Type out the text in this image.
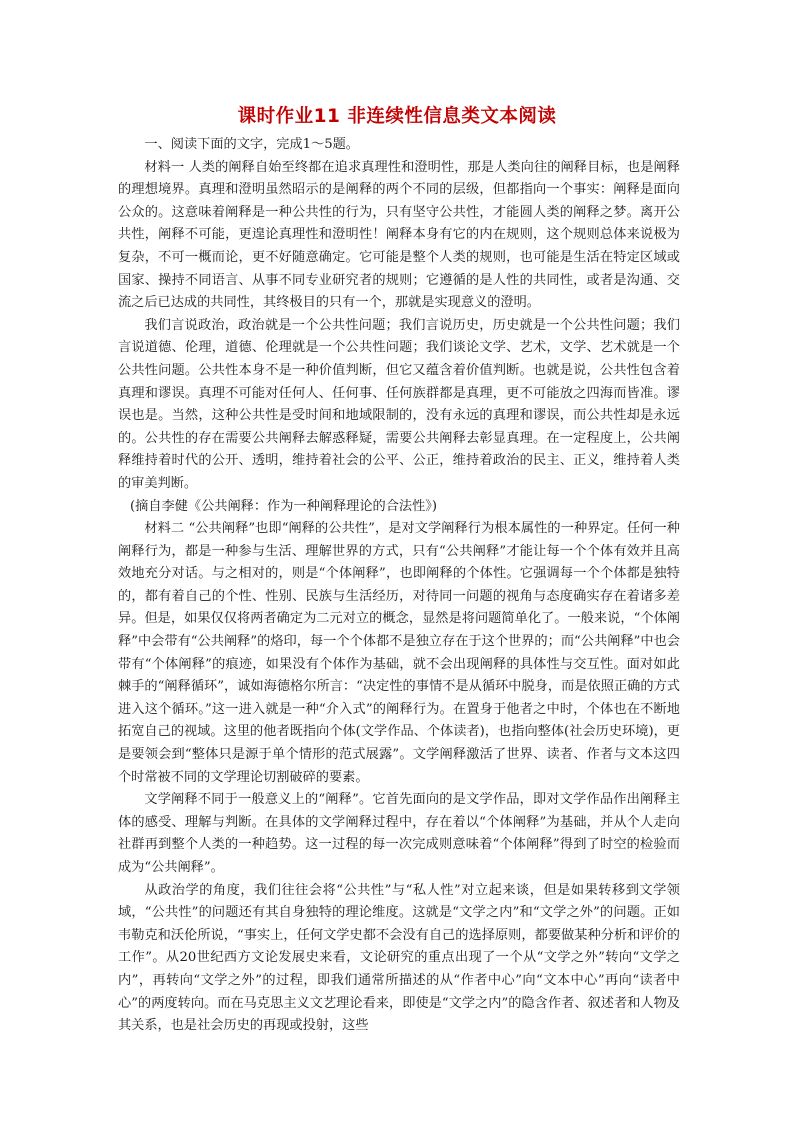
课时作业11 非连续性信息类文本阅读

一、阅读下面的文字，完成1～5题。

材料一 人类的阐释自始至终都在追求真理性和澄明性，那是人类向往的阐释目标，也是阐释的理想境界。真理和澄明虽然昭示的是阐释的两个不同的层级，但都指向一个事实：阐释是面向公众的。这意味着阐释是一种公共性的行为，只有坚守公共性，才能圆人类的阐释之梦。离开公共性，阐释不可能，更遑论真理性和澄明性！阐释本身有它的内在规则，这个规则总体来说极为复杂，不可一概而论，更不好随意确定。它可能是整个人类的规则，也可能是生活在特定区域或国家、操持不同语言、从事不同专业研究者的规则；它遵循的是人性的共同性，或者是沟通、交流之后已达成的共同性，其终极目的只有一个，那就是实现意义的澄明。

我们言说政治，政治就是一个公共性问题；我们言说历史，历史就是一个公共性问题；我们言说道德、伦理，道德、伦理就是一个公共性问题；我们谈论文学、艺术，文学、艺术就是一个公共性问题。公共性本身不是一种价值判断，但它又蕴含着价值判断。也就是说，公共性包含着真理和谬误。真理不可能对任何人、任何事、任何族群都是真理，更不可能放之四海而皆准。谬误也是。当然，这种公共性是受时间和地域限制的，没有永远的真理和谬误，而公共性却是永远的。公共性的存在需要公共阐释去解惑释疑，需要公共阐释去彰显真理。在一定程度上，公共阐释维持着时代的公开、透明，维持着社会的公平、公正，维持着政治的民主、正义，维持着人类的审美判断。

(摘自李健《公共阐释：作为一种阐释理论的合法性》)

材料二 “公共阐释”也即“阐释的公共性”，是对文学阐释行为根本属性的一种界定。任何一种阐释行为，都是一种参与生活、理解世界的方式，只有“公共阐释”才能让每一个个体有效并且高效地充分对话。与之相对的，则是“个体阐释”，也即阐释的个体性。它强调每一个个体都是独特的，都有着自己的个性、性别、民族与生活经历，对待同一问题的视角与态度确实存在着诸多差异。但是，如果仅仅将两者确定为二元对立的概念，显然是将问题简单化了。一般来说，“个体阐释”中会带有“公共阐释”的烙印，每一个个体都不是独立存在于这个世界的；而“公共阐释”中也会带有“个体阐释”的痕迹，如果没有个体作为基础，就不会出现阐释的具体性与交互性。面对如此棘手的“阐释循环”，诚如海德格尔所言：“决定性的事情不是从循环中脱身，而是依照正确的方式进入这个循环。”这一进入就是一种“介入式”的阐释行为。在置身于他者之中时，个体也在不断地拓宽自己的视域。这里的他者既指向个体(文学作品、个体读者)，也指向整体(社会历史环境)，更是要领会到“整体只是源于单个情形的范式展露”。文学阐释激活了世界、读者、作者与文本这四个时常被不同的文学理论切割破碎的要素。

文学阐释不同于一般意义上的“阐释”。它首先面向的是文学作品，即对文学作品作出阐释主体的感受、理解与判断。在具体的文学阐释过程中，存在着以“个体阐释”为基础，并从个人走向社群再到整个人类的一种趋势。这一过程的每一次完成则意味着“个体阐释”得到了时空的检验而成为“公共阐释”。

从政治学的角度，我们往往会将“公共性”与“私人性”对立起来谈，但是如果转移到文学领域，“公共性”的问题还有其自身独特的理论维度。这就是“文学之内”和“文学之外”的问题。正如韦勒克和沃伦所说，“事实上，任何文学史都不会没有自己的选择原则，都要做某种分析和评价的工作”。从20世纪西方文论发展史来看，文论研究的重点出现了一个从“文学之外”转向“文学之内”，再转向“文学之外”的过程，即我们通常所描述的从“作者中心”向“文本中心”再向“读者中心”的两度转向。而在马克思主义文艺理论看来，即使是“文学之内”的隐含作者、叙述者和人物及其关系，也是社会历史的再现或投射，这些
